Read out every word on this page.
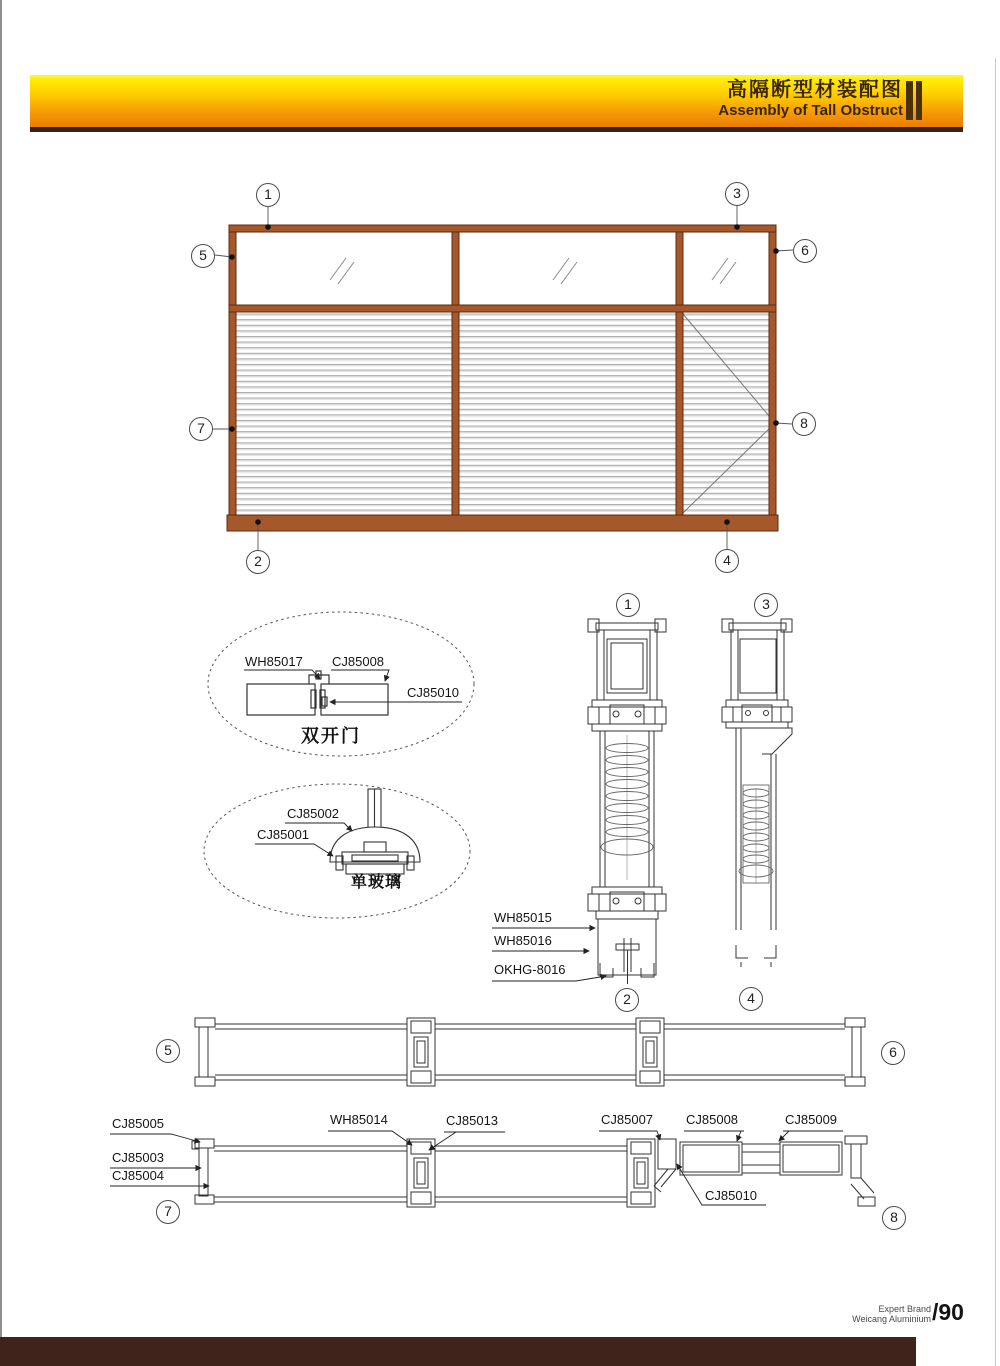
高隔断型材装配图
Assembly of Tall Obstruct
1	3
5	6
7	8
2	4
1	3
2	4
5	6
7	8
WH85017 CJ85008
CJ85010
双开门
CJ85002
CJ85001
单玻璃
WH85015
WH85016
OKHG-8016
CJ85005
CJ85003
CJ85004
WH85014	CJ85013	CJ85007	CJ85008	CJ85009
CJ85010
Expert Brand
Weicang Aluminium /90
